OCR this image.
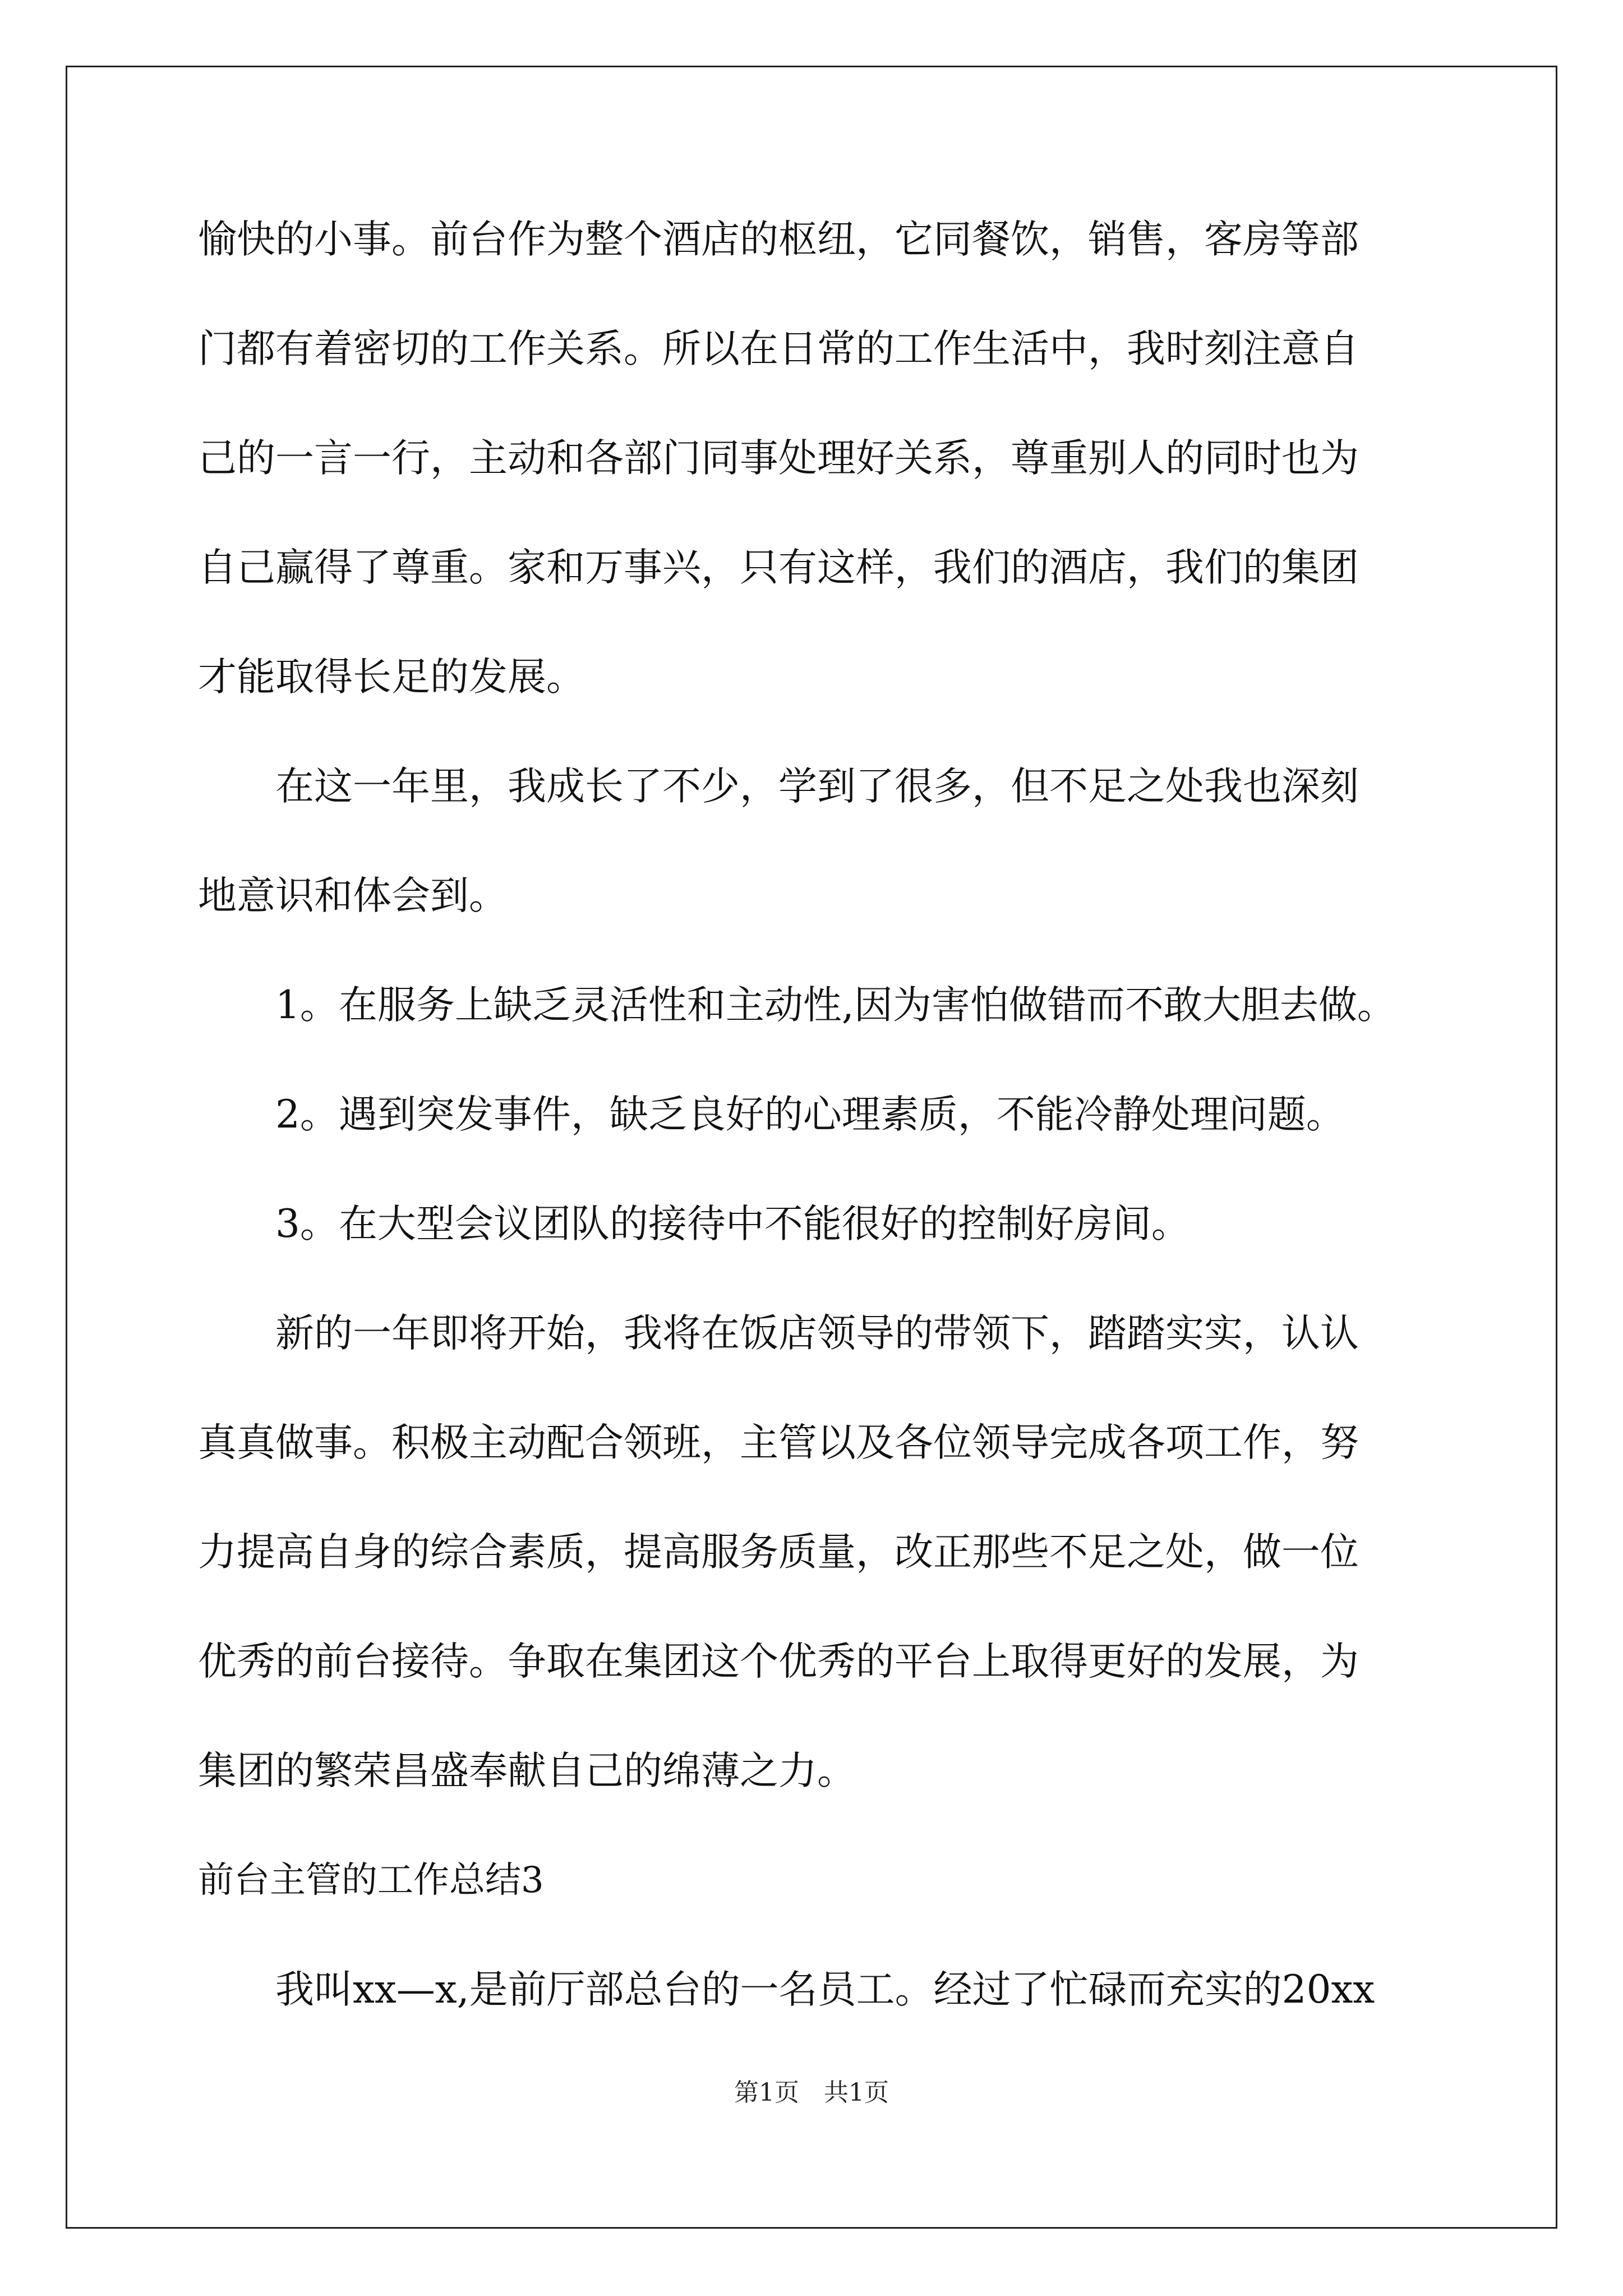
愉快的小事。前台作为整个酒店的枢纽，它同餐饮，销售，客房等部
门都有着密切的工作关系。所以在日常的工作生活中，我时刻注意自
己的一言一行，主动和各部门同事处理好关系，尊重别人的同时也为
自己赢得了尊重。家和万事兴，只有这样，我们的酒店，我们的集团
才能取得长足的发展。
在这一年里，我成长了不少，学到了很多，但不足之处我也深刻
地意识和体会到。
1。在服务上缺乏灵活性和主动性,因为害怕做错而不敢大胆去做。
2。遇到突发事件，缺乏良好的心理素质，不能冷静处理问题。
3。在大型会议团队的接待中不能很好的控制好房间。
新的一年即将开始，我将在饭店领导的带领下，踏踏实实，认认
真真做事。积极主动配合领班，主管以及各位领导完成各项工作，努
力提高自身的综合素质，提高服务质量，改正那些不足之处，做一位
优秀的前台接待。争取在集团这个优秀的平台上取得更好的发展，为
集团的繁荣昌盛奉献自己的绵薄之力。
前台主管的工作总结3
我叫xx—x,是前厅部总台的一名员工。经过了忙碌而充实的20xx
第1页　共1页
